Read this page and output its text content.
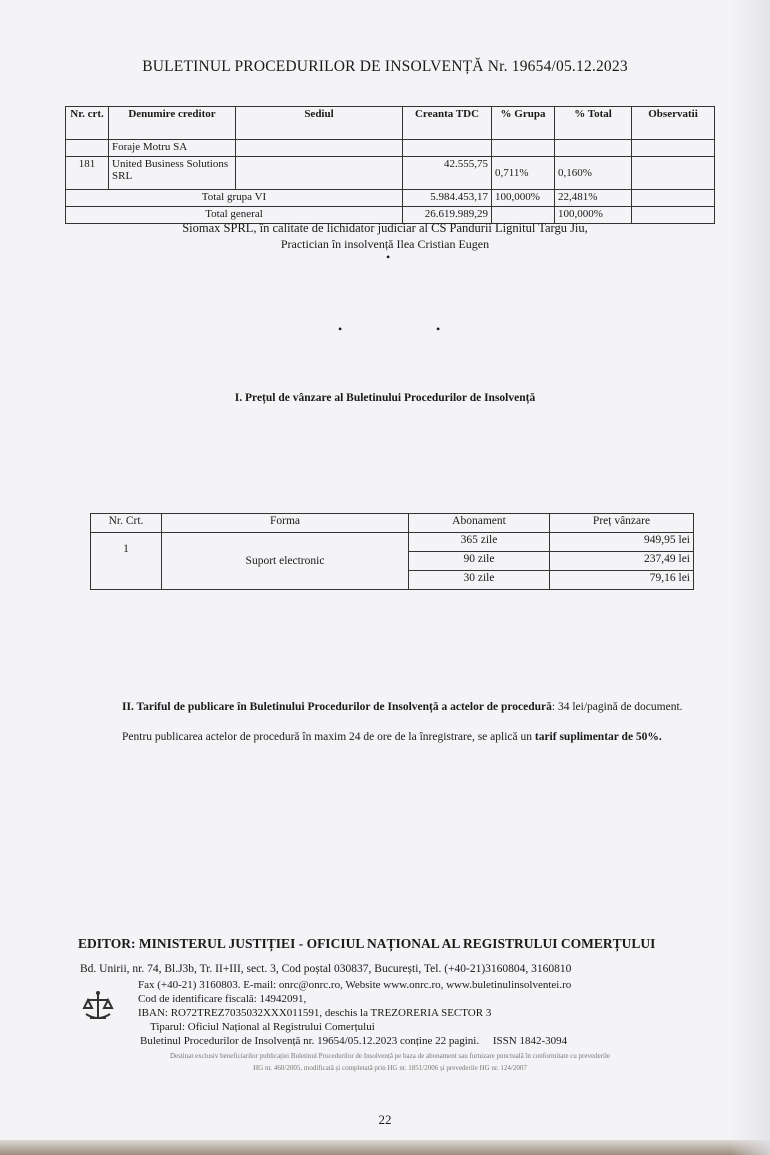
BULETINUL PROCEDURILOR DE INSOLVENȚĂ Nr. 19654/05.12.2023
Nr. crt.	Denumire creditor	Sediul	Creanta TDC	% Grupa	% Total	Observatii
	Foraje Motru SA					
181	United Business Solutions SRL		42.555,75	0,711%	0,160%	
Total grupa VI			5.984.453,17	100,000%	22,481%	
Total general			26.619.989,29		100,000%	
Siomax SPRL, în calitate de lichidator judiciar al CS Pandurii Lignitul Targu Jiu,
Practician în insolvență Ilea Cristian Eugen
•
•	•
I. Prețul de vânzare al Buletinului Procedurilor de Insolvență
Nr. Crt.	Forma	Abonament	Preț vânzare
1	Suport electronic	365 zile	949,95 lei
		90 zile	237,49 lei
		30 zile	79,16 lei
II. Tariful de publicare în Buletinului Procedurilor de Insolvență a actelor de procedură: 34 lei/pagină de document.
Pentru publicarea actelor de procedură în maxim 24 de ore de la înregistrare, se aplică un tarif suplimentar de 50%.
EDITOR: MINISTERUL JUSTIȚIEI - OFICIUL NAȚIONAL AL REGISTRULUI COMERȚULUI
Bd. Unirii, nr. 74, Bl.J3b, Tr. II+III, sect. 3, Cod poștal 030837, București, Tel. (+40-21)3160804, 3160810
Fax (+40-21) 3160803. E-mail: onrc@onrc.ro, Website www.onrc.ro, www.buletinulinsolventei.ro
Cod de identificare fiscală: 14942091,
IBAN: RO72TREZ7035032XXX011591, deschis la TREZORERIA SECTOR 3
Tiparul: Oficiul Național al Registrului Comerțului
Buletinul Procedurilor de Insolvență nr. 19654/05.12.2023 conține 22 pagini. ISSN 1842-3094
Destinat exclusiv beneficiarilor publicației Buletinul Procedurilor de Insolvență pe baza de abonament sau furnizare punctuală în conformitate cu prevederile
HG nr. 460/2005, modificată și completată prin HG nr. 1851/2006 și prevederile HG nr. 124/2007
22
